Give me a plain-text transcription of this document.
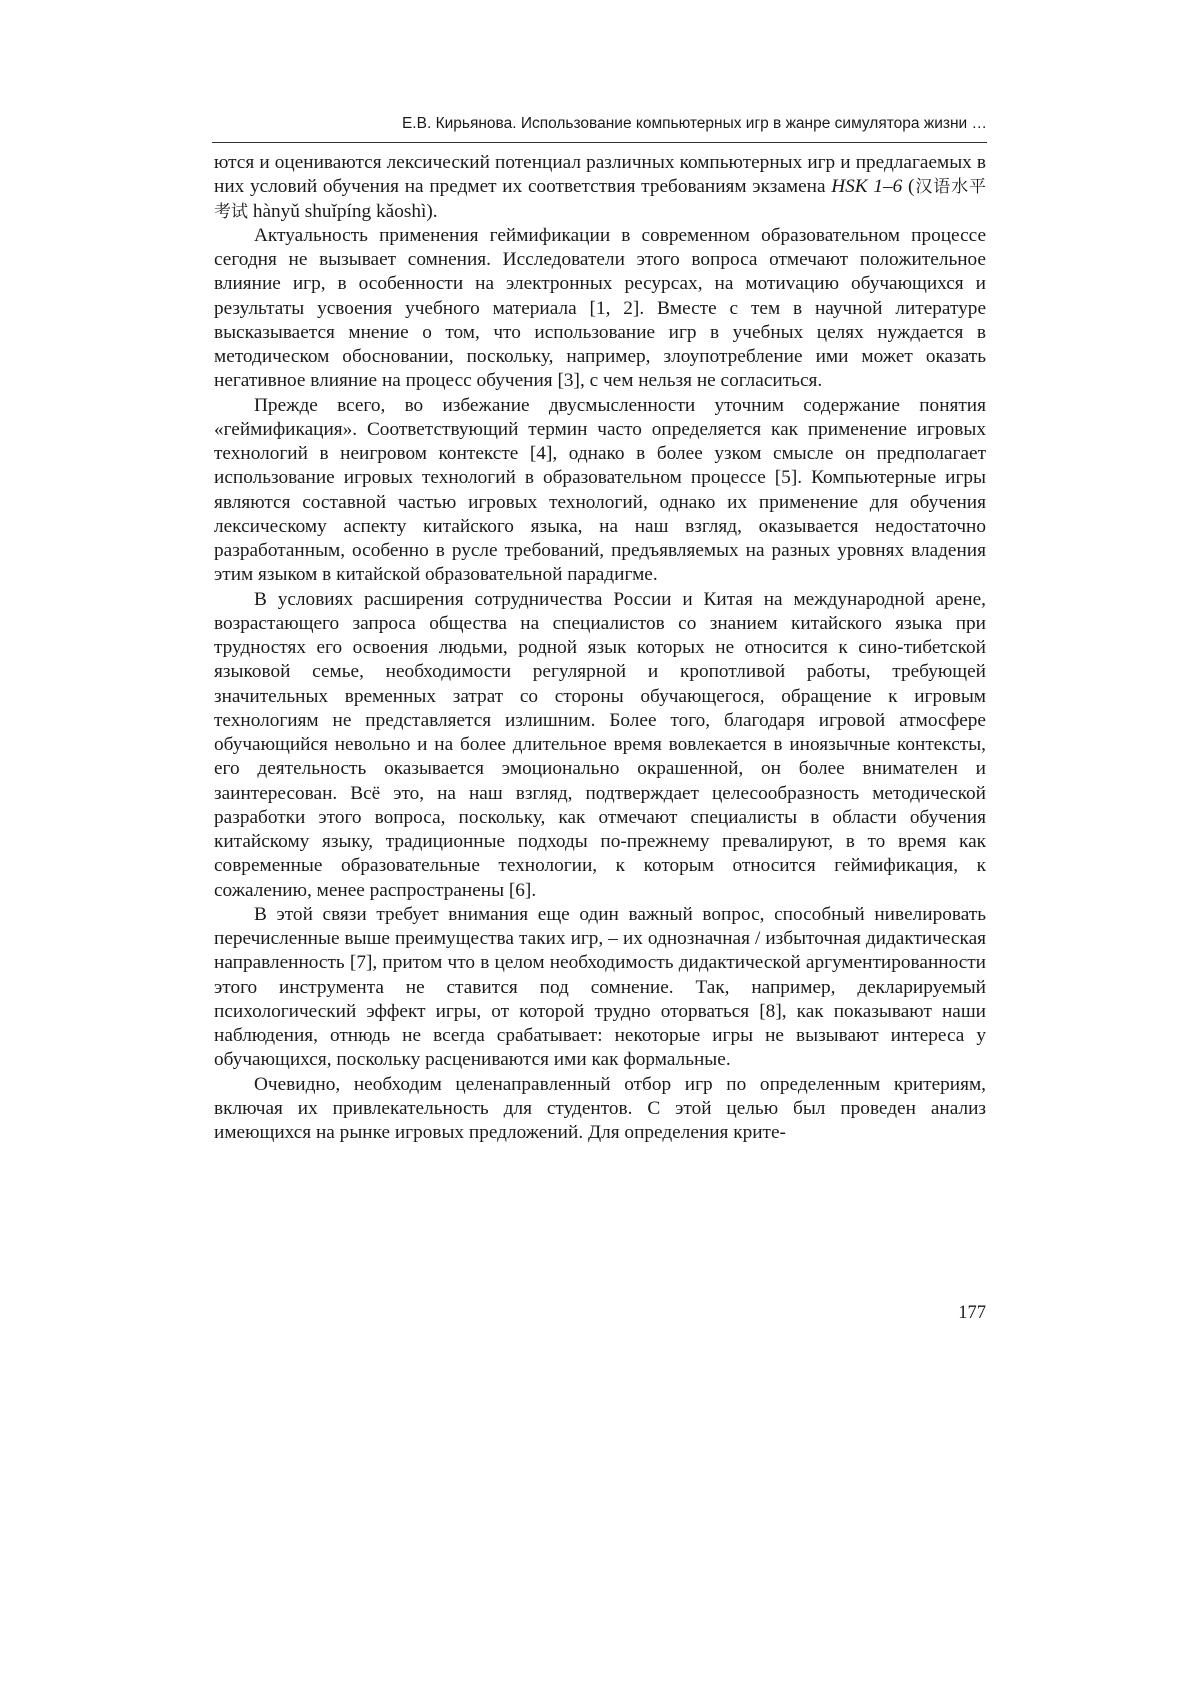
Е.В. Кирьянова. Использование компьютерных игр в жанре симулятора жизни …

ются и оцениваются лексический потенциал различных компьютерных игр и предлагаемых в них условий обучения на предмет их соответствия требованиям экзамена HSK 1–6 (汉语水平考试 hànyǔ shuǐpíng kǎoshì).

Актуальность применения геймификации в современном образовательном процессе сегодня не вызывает сомнения. Исследователи этого вопроса отмечают положительное влияние игр, в особенности на электронных ресурсах, на мотиvацию обучающихся и результаты усвоения учебного материала [1, 2]. Вместе с тем в научной литературе высказывается мнение о том, что использование игр в учебных целях нуждается в методическом обосновании, поскольку, например, злоупотребление ими может оказать негативное влияние на процесс обучения [3], с чем нельзя не согласиться.

Прежде всего, во избежание двусмысленности уточним содержание понятия «геймификация». Соответствующий термин часто определяется как применение игровых технологий в неигровом контексте [4], однако в более узком смысле он предполагает использование игровых технологий в образовательном процессе [5]. Компьютерные игры являются составной частью игровых технологий, однако их применение для обучения лексическому аспекту китайского языка, на наш взгляд, оказывается недостаточно разработанным, особенно в русле требований, предъявляемых на разных уровнях владения этим языком в китайской образовательной парадигме.

В условиях расширения сотрудничества России и Китая на международной арене, возрастающего запроса общества на специалистов со знанием китайского языка при трудностях его освоения людьми, родной язык которых не относится к сино-тибетской языковой семье, необходимости регулярной и кропотливой работы, требующей значительных временных затрат со стороны обучающегося, обращение к игровым технологиям не представляется излишним. Более того, благодаря игровой атмосфере обучающийся невольно и на более длительное время вовлекается в иноязычные контексты, его деятельность оказывается эмоционально окрашенной, он более внимателен и заинтересован. Всё это, на наш взгляд, подтверждает целесообразность методической разработки этого вопроса, поскольку, как отмечают специалисты в области обучения китайскому языку, традиционные подходы по-прежнему превалируют, в то время как современные образовательные технологии, к которым относится геймификация, к сожалению, менее распространены [6].

В этой связи требует внимания еще один важный вопрос, способный нивeлировать перечисленные выше преимущества таких игр, – их однозначная / избыточная дидактическая направленность [7], притом что в целом необходимость дидактической аргументированности этого инструмента не ставится под сомнение. Так, например, декларируемый психологический эффект игры, от которой трудно оторваться [8], как показывают наши наблюдения, отнюдь не всегда срабатывает: некоторые игры не вызывают интереса у обучающихся, поскольку расцениваются ими как формальные.

Очевидно, необходим целенаправленный отбор игр по определенным критериям, включая их привлекательность для студентов. С этой целью был проведен анализ имеющихся на рынке игровых предложений. Для определения крите-

177
